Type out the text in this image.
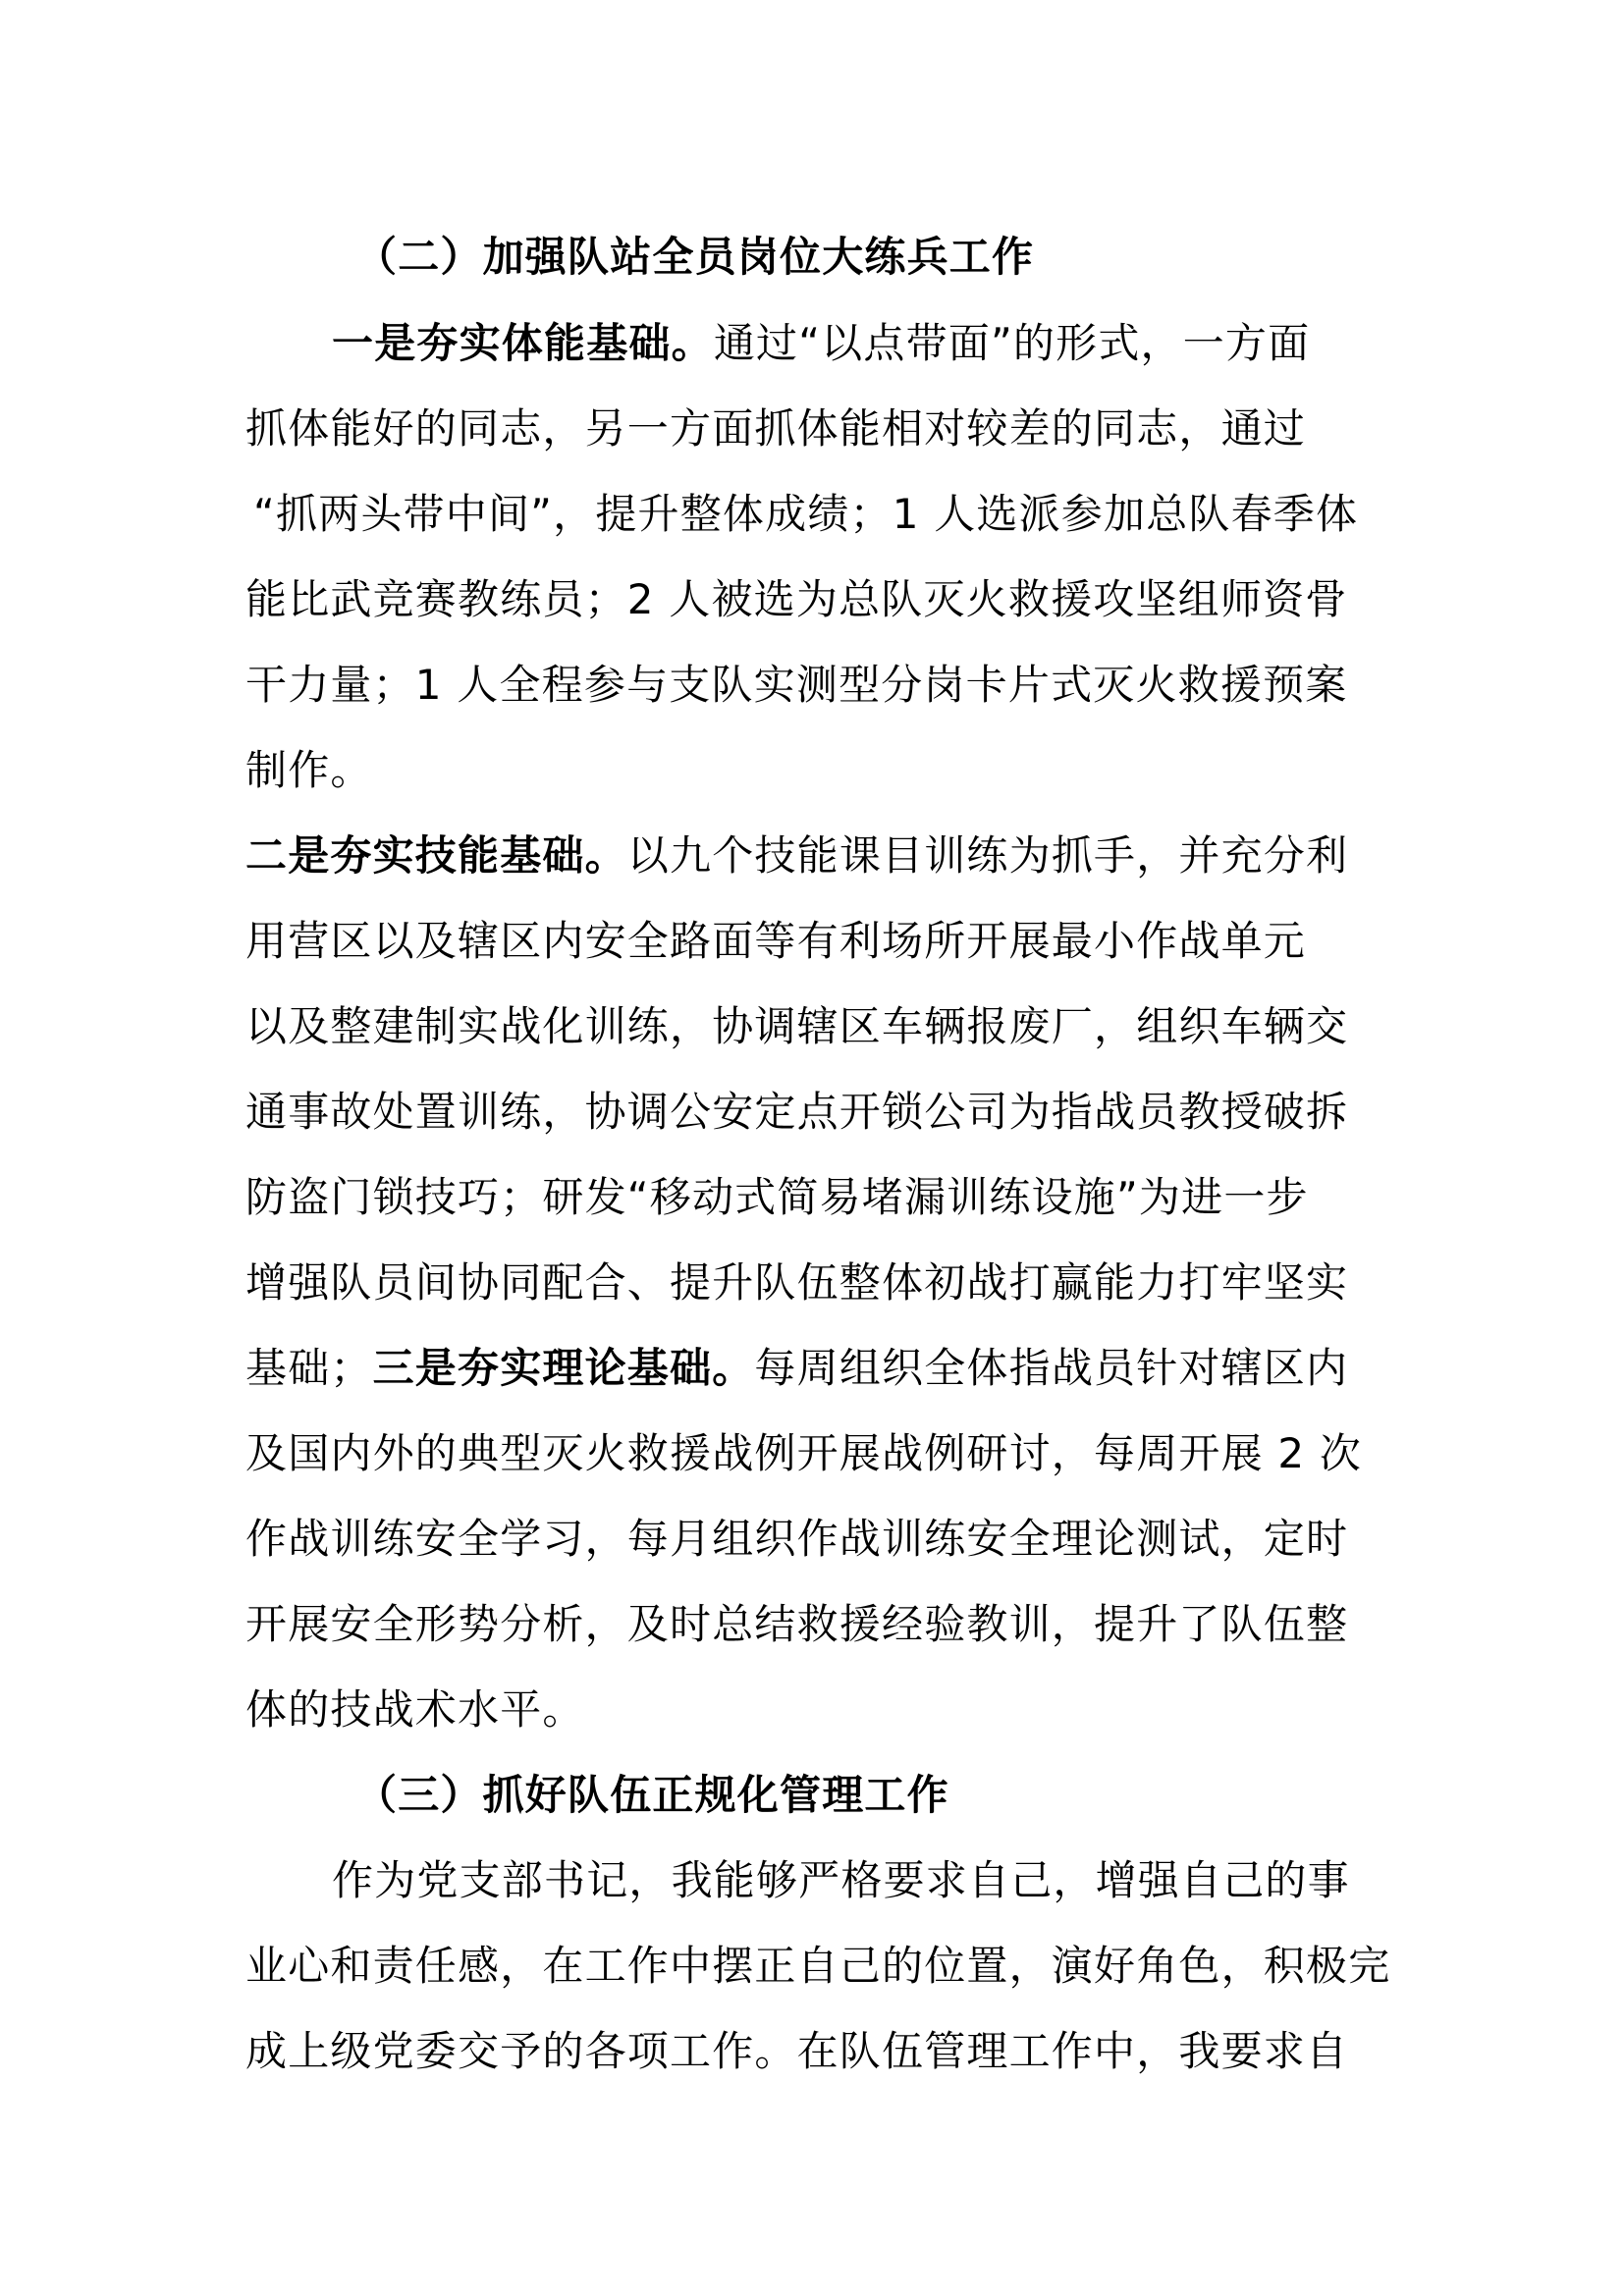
（二）加强队站全员岗位大练兵工作
一是夯实体能基础。通过“以点带面”的形式，一方面
抓体能好的同志，另一方面抓体能相对较差的同志，通过
“抓两头带中间”，提升整体成绩；1 人选派参加总队春季体
能比武竞赛教练员；2 人被选为总队灭火救援攻坚组师资骨
干力量；1 人全程参与支队实测型分岗卡片式灭火救援预案
制作。
二是夯实技能基础。以九个技能课目训练为抓手，并充分利
用营区以及辖区内安全路面等有利场所开展最小作战单元
以及整建制实战化训练，协调辖区车辆报废厂，组织车辆交
通事故处置训练，协调公安定点开锁公司为指战员教授破拆
防盗门锁技巧；研发“移动式简易堵漏训练设施”为进一步
增强队员间协同配合、提升队伍整体初战打赢能力打牢坚实
基础；三是夯实理论基础。每周组织全体指战员针对辖区内
及国内外的典型灭火救援战例开展战例研讨，每周开展 2 次
作战训练安全学习，每月组织作战训练安全理论测试，定时
开展安全形势分析，及时总结救援经验教训，提升了队伍整
体的技战术水平。
（三）抓好队伍正规化管理工作
作为党支部书记，我能够严格要求自己，增强自己的事
业心和责任感，在工作中摆正自己的位置，演好角色，积极完
成上级党委交予的各项工作。在队伍管理工作中，我要求自
